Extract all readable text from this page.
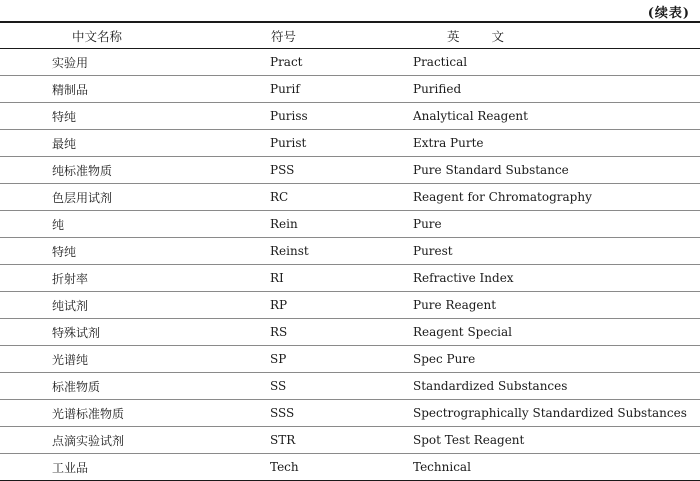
(续表)
中文名称	符号	英 文
实验用	Pract	Practical
精制品	Purif	Purified
特纯	Puriss	Analytical Reagent
最纯	Purist	Extra Purte
纯标准物质	PSS	Pure Standard Substance
色层用试剂	RC	Reagent for Chromatography
纯	Rein	Pure
特纯	Reinst	Purest
折射率	RI	Refractive Index
纯试剂	RP	Pure Reagent
特殊试剂	RS	Reagent Special
光谱纯	SP	Spec Pure
标准物质	SS	Standardized Substances
光谱标准物质	SSS	Spectrographically Standardized Substances
点滴实验试剂	STR	Spot Test Reagent
工业品	Tech	Technical
